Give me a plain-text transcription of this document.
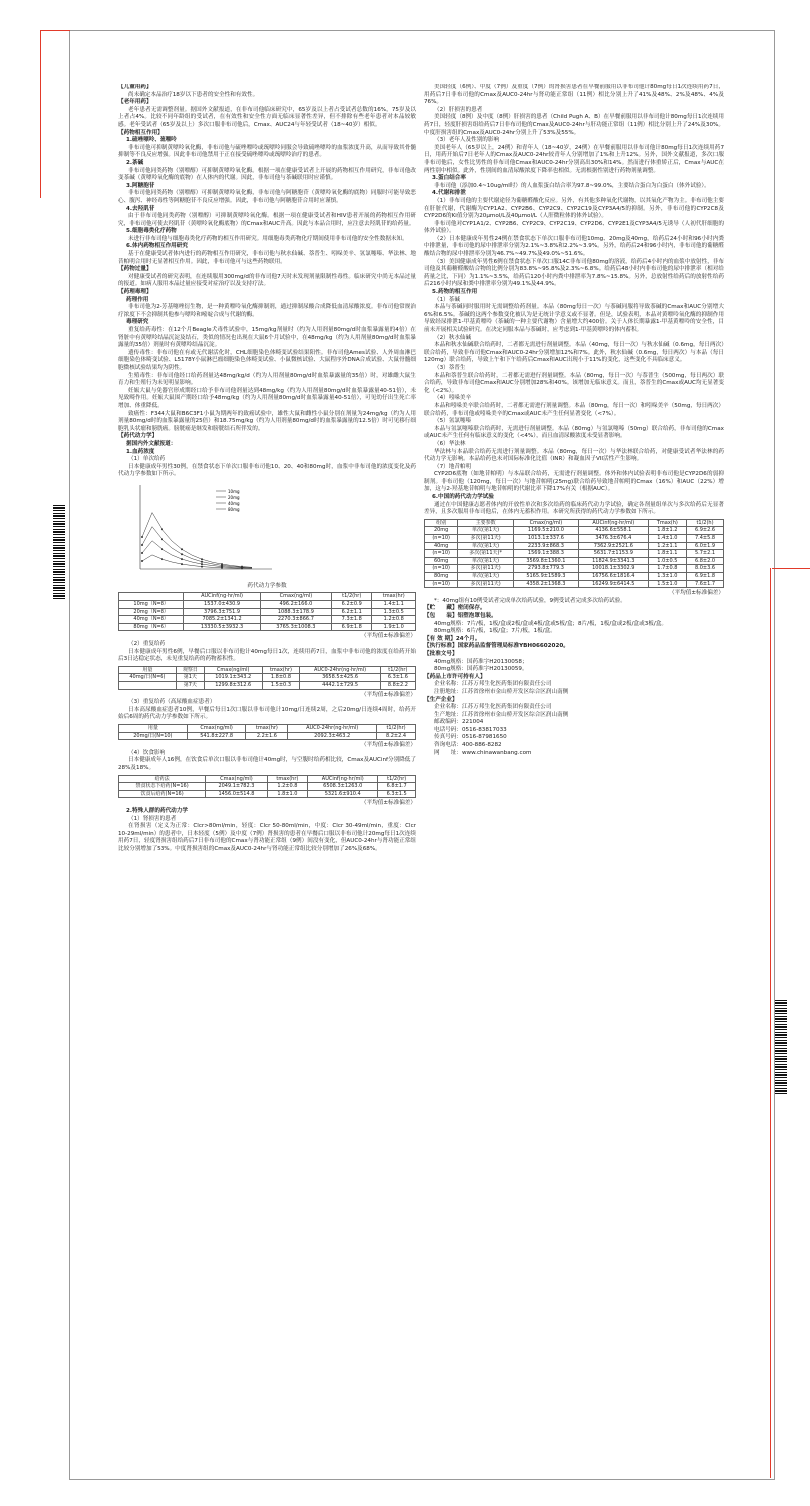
【儿童用药】

尚未确定本品治疗18岁以下患者的安全性和有效性。

【老年用药】

老年患者无需调整剂量。据国外文献报道，在非布司他临床研究中，65岁及以上者占受试者总数的16%，75岁及以上者占4%。比较不同年龄组的受试者，在有效性和安全性方面无临床显著性差异，但不排除有些老年患者对本品较敏感。老年受试者（65岁及以上）多次口服非布司他后，Cmax、AUC24与年轻受试者（18~40岁）相似。

【药物相互作用】

1.硫唑嘌呤、巯嘌呤

非布司他可抑制黄嘌呤氧化酶，非布司他与硫唑嘌呤或巯嘌呤同服会导致硫唑嘌呤的血浆浓度升高，从而导致其骨髓抑制等不良反应增强。因此非布司他禁用于正在接受硫唑嘌呤或巯嘌呤治疗的患者。

2.茶碱

非布司他同类药物（别嘌醇）可抑制黄嘌呤氧化酶。根据一项在健康受试者上开展的药物相互作用研究，非布司他改变茶碱（黄嘌呤氧化酶的底物）在人体内的代谢。因此，非布司他与茶碱联用时应谨慎。

3.阿糖胞苷

非布司他同类药物（别嘌醇）可抑制黄嘌呤氧化酶，非布司他与阿糖胞苷（黄嘌呤氧化酶的底物）同服时可能导致恶心、腹泻、神经毒性等阿糖胞苷不良反应增强。因此，非布司他与阿糖胞苷合用时应谨慎。

4.去羟肌苷

由于非布司他同类药物（别嘌醇）可抑制黄嘌呤氧化酶。根据一项在健康受试者和HIV患者开展的药物相互作用研究，非布司他可使去羟肌苷（黄嘌呤氧化酶底物）的Cmax和AUC升高。因此与本品合用时，应注意去羟肌苷的给药量。

5.细胞毒类化疗药物

未进行非布司他与细胞毒类化疗药物的相互作用研究。用细胞毒类药物化疗期间使用非布司他的安全性数据未知。

6.体内药物相互作用研究

基于在健康受试者体内进行的药物相互作用研究，非布司他与秋水仙碱、萘普生、吲哚美辛、氢氯噻嗪、华法林、地昔帕明合用时无显著相互作用。因此，非布司他可与这些药物联用。

【药物过量】

对健康受试者的研究表明，在连续服用300mg/d的非布司他7天时未发现剂量限制性毒性。临床研究中尚无本品过量的报道。如病人服用本品过量应接受对症治疗以及支持疗法。

【药理毒理】

药理作用

非布司他为2-芳基噻唑衍生物，是一种黄嘌呤氧化酶抑制剂，通过抑制尿酸合成降低血清尿酸浓度。非布司他常规治疗浓度下不会抑制其他参与嘌呤和嘧啶合成与代谢的酶。

毒理研究

重复给药毒性：在12个月Beagle犬毒性试验中，15mg/kg剂量时（约为人用剂量80mg/d时血浆暴露量的4倍）在肾脏中有黄嘌呤结晶沉淀及结石，类似的情况也出现在大鼠6个月试验中，在48mg/kg（约为人用剂量80mg/d时血浆暴露量的35倍）剂量时有黄嘌呤结晶沉淀。

遗传毒性：非布司他在有或无代谢活化时，CHL细胞染色体畸变试验结果阳性。非布司他Ames试验、人外周血淋巴细胞染色体畸变试验、L5178Y小鼠淋巴瘤细胞染色体畸变试验、小鼠微核试验、大鼠程序外DNA合成试验、大鼠骨髓细胞微核试验结果均为阴性。

生殖毒性：非布司他经口给药剂量达48mg/kg/d（约为人用剂量80mg/d时血浆暴露量的35倍）时，对雄雌大鼠生育力和生殖行为未见明显影响。

妊娠大鼠与免器官形成期经口给予非布司他剂量达到48mg/kg（约为人用剂量80mg/d时血浆暴露量40-51倍），未见致畸作用。妊娠大鼠围产期经口给予48mg/kg（约为人用剂量80mg/d时血浆暴露量40-51倍），可见幼仔出生死亡率增加、体重降低。

致癌性：F344大鼠和B6C3F1小鼠为期两年的致癌试验中，雄性大鼠和雌性小鼠分别在剂量为24mg/kg（约为人用剂量80mg/d时的血浆暴露量的25倍）和18.75mg/kg（约为人用剂量80mg/d时的血浆暴露量的12.5倍）时可见移行细胞乳头状瘤和膀胱癌。膀胱癌是继发和膀胱结石所伴发的。

【药代动力学】

据国内外文献报道：

1.血药浓度

（1）单次给药

日本健康成年男性30例，在禁食状态下单次口服非布司他10、20、40和80mg时，血浆中非布司他的浓度变化及药代动力学参数如下所示。

10mg
20mg
40mg
80mg
药代动力学参数
	AUCinf(ng·hr/ml)	Cmax(ng/ml)	t1/2(hr)	tmax(hr)
10mg（N=8）	1537.0±430.9	496.2±166.0	6.2±0.9	1.4±1.1
20mg（N=8）	3796.3±751.9	1088.3±178.9	6.2±1.1	1.3±0.5
40mg（N=8）	7085.2±1341.2	2270.3±866.7	7.3±1.8	1.2±0.8
80mg（N=6）	13330.5±3932.3	3765.3±1008.3	6.9±1.8	1.9±1.0
（平均值±标准偏差）

（2）重复给药

日本健康成年男性6例，早餐后口服以非布司他计40mg每日1次，连续用药7日，血浆中非布司他的浓度在给药开始后3日达稳定状态，未见重复给药的药物蓄积性。

用量	观察日	Cmax(ng/ml)	tmax(hr)	AUC0-24hr(ng·hr/ml)	t1/2(hr)
40mg/日(N=6)	第1天	1019.1±343.2	1.8±0.8	3658.5±425.6	6.3±1.6
	第7天	1299.8±312.6	1.5±0.3	4442.1±729.5	8.8±2.2
（平均值±标准偏差）

（3）重复给药（高尿酸血症患者）

日本高尿酸血症患者10例，早餐后每日1次口服以非布司他计10mg/日连续2周，之后20mg/日连续4周时，给药开始后6周的药代动力学参数如下所示。

用量	Cmax(ng/ml)	tmax(hr)	AUC0-24hr(ng·hr/ml)	t1/2(hr)
20mg/日(N=10)	541.8±227.8	2.2±1.6	2092.3±463.2	8.2±2.4
（平均值±标准偏差）

（4）饮食影响

日本健康成年人16例，在饮食后单次口服以非布司他计40mg时，与空腹时给药相比较，Cmax及AUCinf分别降低了28%及18%。

给药法	Cmax(ng/ml)	tmax(hr)	AUCinf(ng·hr/ml)	t1/2(hr)
禁食状态下给药(N=16)	2049.1±782.3	1.2±0.8	6508.3±1263.0	6.8±1.7
饮食后给药(N=16)	1456.0±514.8	1.8±1.0	5321.6±910.4	6.3±1.5
（平均值±标准偏差）

2.特殊人群的药代动力学

（1）肾损害的患者

在肾损害（定义为正常：Clcr>80ml/min，轻度：Clcr 50-80ml/min，中度：Clcr 30-49ml/min，重度：Clcr 10-29ml/min）的患者中，日本轻度（5例）及中度（7例）肾损害的患者在早餐后口服以非布司他计20mg每日1次连续用药7日，轻度肾损害组给药后7日非布司他的Cmax与肾功能正常组（9例）间没有变化，但AUC0-24hr与肾功能正常组比较分别增加了53%。中度肾损害组的Cmax及AUC0-24hr与肾功能正常组比较分别增加了26%及68%。

美国轻度（6例）、中度（7例）及重度（7例）的肾损害患者在早餐前服用以非布司他计80mg每日1次连续用药7日，用药后7日非布司他的Cmax及AUC0-24hr与肾功能正常组（11例）相比分别上升了41%及48%、2%及48%、4%及76%。

（2）肝损害的患者

美国轻度（8例）及中度（8例）肝损害的患者（Child Pugh A、B）在早餐前服用以非布司他计80mg每日1次连续用药7日，轻度肝损害组给药后7日非布司他的Cmax及AUC0-24hr与肝功能正常组（11例）相比分别上升了24%及30%。中度肝损害组的Cmax及AUC0-24hr分别上升了53%及55%。

（3）老年人及性别的影响

美国老年人（65岁以上，24例）和青年人（18~40岁，24例）在早餐前服用以非布司他计80mg每日1次连续用药7日，用药开始后7日老年人的Cmax及AUC0-24hr较青年人分别增加了1%和上升12%。另外，国外文献报道，多次口服非布司他后，女性比男性的非布司他Cmax和AUC0-24hr分别高出30%和14%。然而进行体重矫正后，Cmax与AUC在两性别中相似。此外，性别间的血清尿酸浓度下降率也相似。无需根据性别进行药物剂量调整。

3.蛋白结合率

非布司他（添加0.4~10ug/ml时）的人血浆蛋白结合率为97.8~99.0%，主要结合蛋白为白蛋白（体外试验）。

4.代谢和排泄

（1）非布司他的主要代谢途径为葡糖醛酸化反应。另外，有其他多种氧化代谢物，以其氧化产物为主。非布司他主要在肝脏代谢，代谢酶为CYP1A2、CYP2B6、CYP2C9、CYP2C19及CYP3A4/5的抑制。另外，非布司他的CYP2C8及CYP2D6的Ki值分别为20μmol/L及40μmol/L（人肝微粒体的体外试验）。

非布司他对CYP1A1/2、CYP2B6、CYP2C9、CYP2C19、CYP2D6、CYP2E1及CYP3A4/5无诱导（人初代肝细胞的体外试验）。

（2）日本健康成年男性24例在禁食状态下单次口服非布司他10mg、20mg及40mg，给药后24小时和96小时内粪中排泄量，非布司他的尿中排泄率分别为2.1%~3.8%和2.2%~3.9%。另外，给药后24和96小时内，非布司他的葡糖醛酸结合物的尿中排泄率分别为46.7%~49.7%及49.0%~51.6%。

（3）美国健康成年男性6例在禁食状态下单次口服14C非布司他80mg的溶液，给药后4小时内的血浆中放射性，非布司他及其葡糖醛酸结合物的比例分别为83.8%~95.8%及2.3%~6.8%。给药后48小时内非布司他的尿中排泄率（相对给药量之比，下同）为1.1%~3.5%，给药后120小时内粪中排泄率为7.8%~15.8%。另外，总放射性给药后的放射性给药后216小时内尿和粪中排泄率分别为49.1%及44.9%。

5.药物的相互作用

（1）茶碱

本品与茶碱同时服用时无需调整给药剂量。本品（80mg每日一次）与茶碱同服将导致茶碱的Cmax和AUC分别增大6%和6.5%。茶碱的这两个参数变化被认为是无统计学意义或不显著。但是，试验表明，本品对黄嘌呤氧化酶的抑制作用导致经尿排泄1-甲基黄嘌呤（茶碱的一种主要代谢物）含量增大约400倍。关于人体长期暴露1-甲基黄嘌呤的安全性，目前未开展相关试验研究。在决定同服本品与茶碱时，应考虑到1-甲基黄嘌呤的体内蓄积。

（2）秋水仙碱

本品和秋水仙碱联合给药时，二者都无需进行剂量调整。本品（40mg，每日一次）与秋水仙碱（0.6mg，每日两次）联合给药，导致非布司他Cmax和AUC0-24hr分别增加12%和7%。此外，秋水仙碱（0.6mg，每日两次）与本品（每日120mg）联合给药，导致上午和下午给药后Cmax和AUC出现小于11%的变化，这些变化不具临床意义。

（3）萘普生

本品和萘普生联合给药时，二者都无需进行剂量调整。本品（80mg，每日一次）与萘普生（500mg，每日两次）联合给药，导致非布司他Cmax和AUC分别增加28%和40%。该增加无临床意义。而且，萘普生的Cmax或AUC均无显著变化（<2%）。

（4）吲哚美辛

本品和吲哚美辛联合给药时，二者都无需进行剂量调整。本品（80mg，每日一次）和吲哚美辛（50mg，每日两次）联合给药，非布司他或吲哚美辛的Cmax或AUC未产生任何显著变化（<7%）。

（5）氢氯噻嗪

本品与氢氯噻嗪联合给药时，无需进行剂量调整。本品（80mg）与氢氯噻嗪（50mg）联合给药，非布司他的Cmax或AUC未产生任何有临床意义的变化（<4%），而且血清尿酸浓度未受显著影响。

（6）华法林

华法林与本品联合给药无需进行剂量调整。本品（80mg，每日一次）与华法林联合给药，对健康受试者华法林的药代动力学无影响。本品给药也未对国际标准化比值（INR）和凝血因子VII活性产生影响。

（7）地昔帕明

CYP2D6底物（如地昔帕明）与本品联合给药，无需进行剂量调整。体外和体内试验表明非布司他是CYP2D6的弱抑制剂。非布司他（120mg，每日一次）与地昔帕明(25mg)联合给药导致地昔帕明的Cmax（16%）和AUC（22%）增加，这与2-羟基地昔帕明与地昔帕明的代谢比率下降17%有关（根据AUC）。

6.中国的药代动力学试验

通过在中国健康志愿者体内的开放性单次和多次给药的临床药代动力学试验，确定各剂量组单次与多次给药后无显著差异，且多次服用非布司他后，在体内无蓄积作用。本研究所获得的药代动力学参数如下所示。

组别	主要参数	Cmax(ng/ml)	AUCinf(ng·hr/ml)	Tmax(h)	t1/2(h)
20mg	单次(第1天)	1169.5±210.0	4136.6±558.1	1.8±1.2	6.9±2.6
(n=10)	多次(第11天)	1013.1±337.6	3476.3±676.4	1.4±1.0	7.4±5.8
40mg	单次(第1天)	2233.9±868.3	7362.9±2521.6	1.2±1.1	6.0±1.9
(n=10)	多次(第11天)*	1569.1±388.3	5631.7±1153.9	1.8±1.1	5.7±2.1
60mg	单次(第1天)	3569.8±1360.1	11824.9±3341.3	1.0±0.5	6.8±2.0
(n=10)	多次(第11天)	2793.8±779.3	10018.1±3302.9	1.7±0.8	8.0±3.6
80mg	单次(第1天)	5165.9±1589.3	16756.6±1816.4	1.3±1.0	6.9±1.8
(n=10)	多次(第11天)	4358.2±1368.3	16249.9±6414.5	1.5±1.0	7.6±1.7
（平均值±标准偏差）

*：40mg组有10例受试者完成单次给药试验，9例受试者完成多次给药试验。

【贮　　藏】密闭保存。

【包　　装】铝塑泡罩包装。

40mg规格：7片/板，1板/盒或2板/盒或4板/盒或5板/盒；8片/板，1板/盒或2板/盒或3板/盒。

80mg规格：6片/板，1板/盒；7片/板，1板/盒。

【有 效 期】24个月。

【执行标准】国家药品监督管理局标准YBH06602020。

【批准文号】

40mg规格：国药准字H20130058；

80mg规格：国药准字H20130059。

【药品上市许可持有人】

企业名称：江苏万邦生化医药集团有限责任公司

注册地址：江苏省徐州市金山桥开发区综合区润山南侧

【生产企业】

企业名称：江苏万邦生化医药集团有限责任公司

生产地址：江苏省徐州市金山桥开发区综合区润山南侧

邮政编码：221004

电话号码：0516-83817033

传真号码：0516-87981650

咨询电话：400-886-8282

网　　址：www.chinawanbang.com
